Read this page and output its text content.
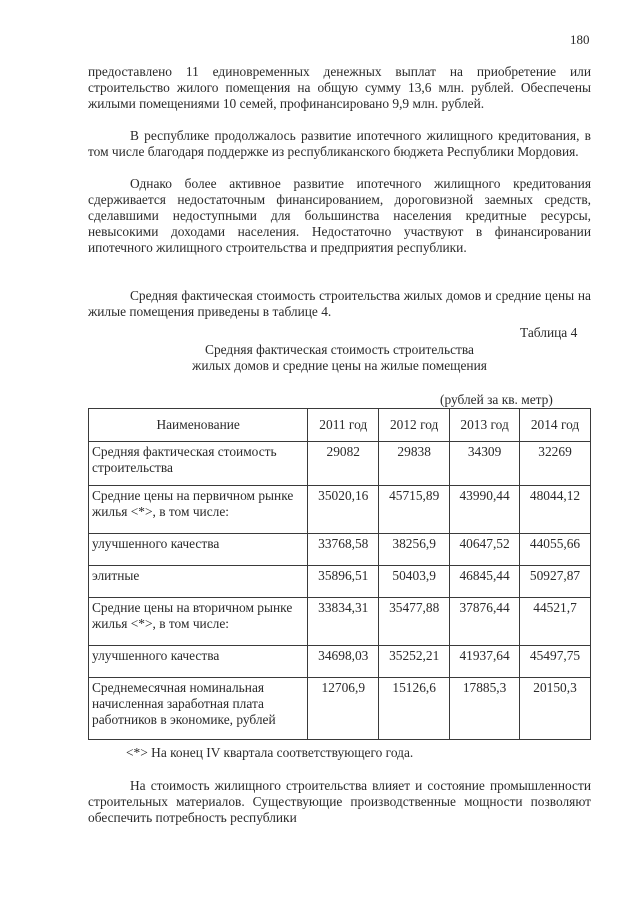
180

предоставлено 11 единовременных денежных выплат на приобретение или строительство жилого помещения на общую сумму 13,6 млн. рублей. Обеспечены жилыми помещениями 10 семей, профинансировано 9,9 млн. рублей.

В республике продолжалось развитие ипотечного жилищного кредитования, в том числе благодаря поддержке из республиканского бюджета Республики Мордовия.

Однако более активное развитие ипотечного жилищного кредитования сдерживается недостаточным финансированием, дороговизной заемных средств, сделавшими недоступными для большинства населения кредитные ресурсы, невысокими доходами населения. Недостаточно участвуют в финансировании ипотечного жилищного строительства и предприятия республики.

Средняя фактическая стоимость строительства жилых домов и средние цены на жилые помещения приведены в таблице 4.

Таблица 4
Средняя фактическая стоимость строительства
жилых домов и средние цены на жилые помещения
(рублей за кв. метр)
Наименование	2011 год	2012 год	2013 год	2014 год
Средняя фактическая стоимость строительства	29082	29838	34309	32269
Средние цены на первичном рынке жилья <*>, в том числе:	35020,16	45715,89	43990,44	48044,12
улучшенного качества	33768,58	38256,9	40647,52	44055,66
элитные	35896,51	50403,9	46845,44	50927,87
Средние цены на вторичном рынке жилья <*>, в том числе:	33834,31	35477,88	37876,44	44521,7
улучшенного качества	34698,03	35252,21	41937,64	45497,75
Среднемесячная номинальная начисленная заработная плата работников в экономике, рублей	12706,9	15126,6	17885,3	20150,3
<*> На конец IV квартала соответствующего года.

На стоимость жилищного строительства влияет и состояние промышленности строительных материалов. Существующие производственные мощности позволяют обеспечить потребность республики
